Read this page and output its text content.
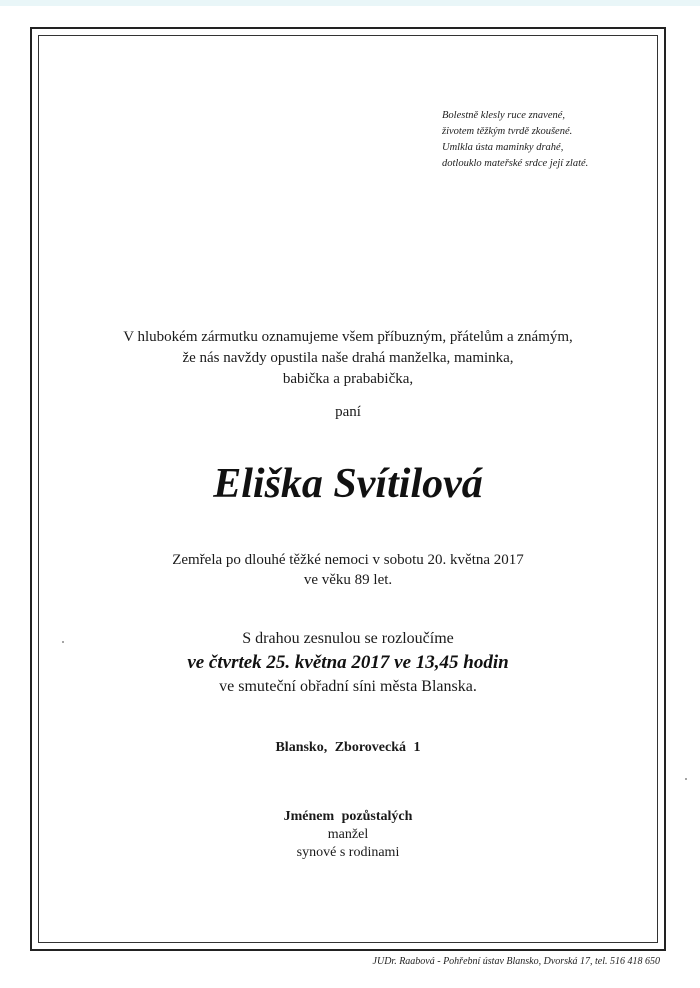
Bolestně klesly ruce znavené,
životem těžkým tvrdě zkoušené.
Umlkla ústa maminky drahé,
dotlouklo mateřské srdce její zlaté.
V hlubokém zármutku oznamujeme všem příbuzným, přátelům a známým,
že nás navždy opustila naše drahá manželka, maminka,
babička a prababička,
paní
Eliška Svítilová
Zemřela po dlouhé těžké nemoci v sobotu 20. května 2017
ve věku 89 let.
S drahou zesnulou se rozloučíme
ve čtvrtek 25. května 2017 ve 13,45 hodin
ve smuteční obřadní síni města Blanska.
Blansko, Zborovecká 1
Jménem pozůstalých
manžel
synové s rodinami
JUDr. Raabová - Pohřební ústav Blansko, Dvorská 17, tel. 516 418 650
